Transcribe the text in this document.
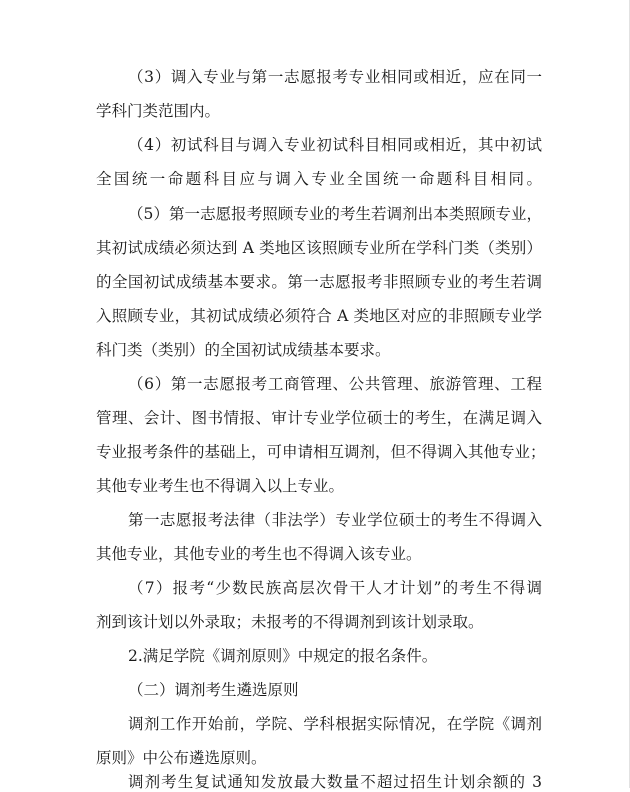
（3）调入专业与第一志愿报考专业相同或相近，应在同一
学科门类范围内。
（4）初试科目与调入专业初试科目相同或相近，其中初试
全国统一命题科目应与调入专业全国统一命题科目相同。
（5）第一志愿报考照顾专业的考生若调剂出本类照顾专业，
其初试成绩必须达到 A 类地区该照顾专业所在学科门类（类别）
的全国初试成绩基本要求。第一志愿报考非照顾专业的考生若调
入照顾专业，其初试成绩必须符合 A 类地区对应的非照顾专业学
科门类（类别）的全国初试成绩基本要求。
（6）第一志愿报考工商管理、公共管理、旅游管理、工程
管理、会计、图书情报、审计专业学位硕士的考生，在满足调入
专业报考条件的基础上，可申请相互调剂，但不得调入其他专业；
其他专业考生也不得调入以上专业。
第一志愿报考法律（非法学）专业学位硕士的考生不得调入
其他专业，其他专业的考生也不得调入该专业。
（7）报考“少数民族高层次骨干人才计划”的考生不得调
剂到该计划以外录取；未报考的不得调剂到该计划录取。
2.满足学院《调剂原则》中规定的报名条件。
（二）调剂考生遴选原则
调剂工作开始前，学院、学科根据实际情况，在学院《调剂
原则》中公布遴选原则。
调剂考生复试通知发放最大数量不超过招生计划余额的 3
